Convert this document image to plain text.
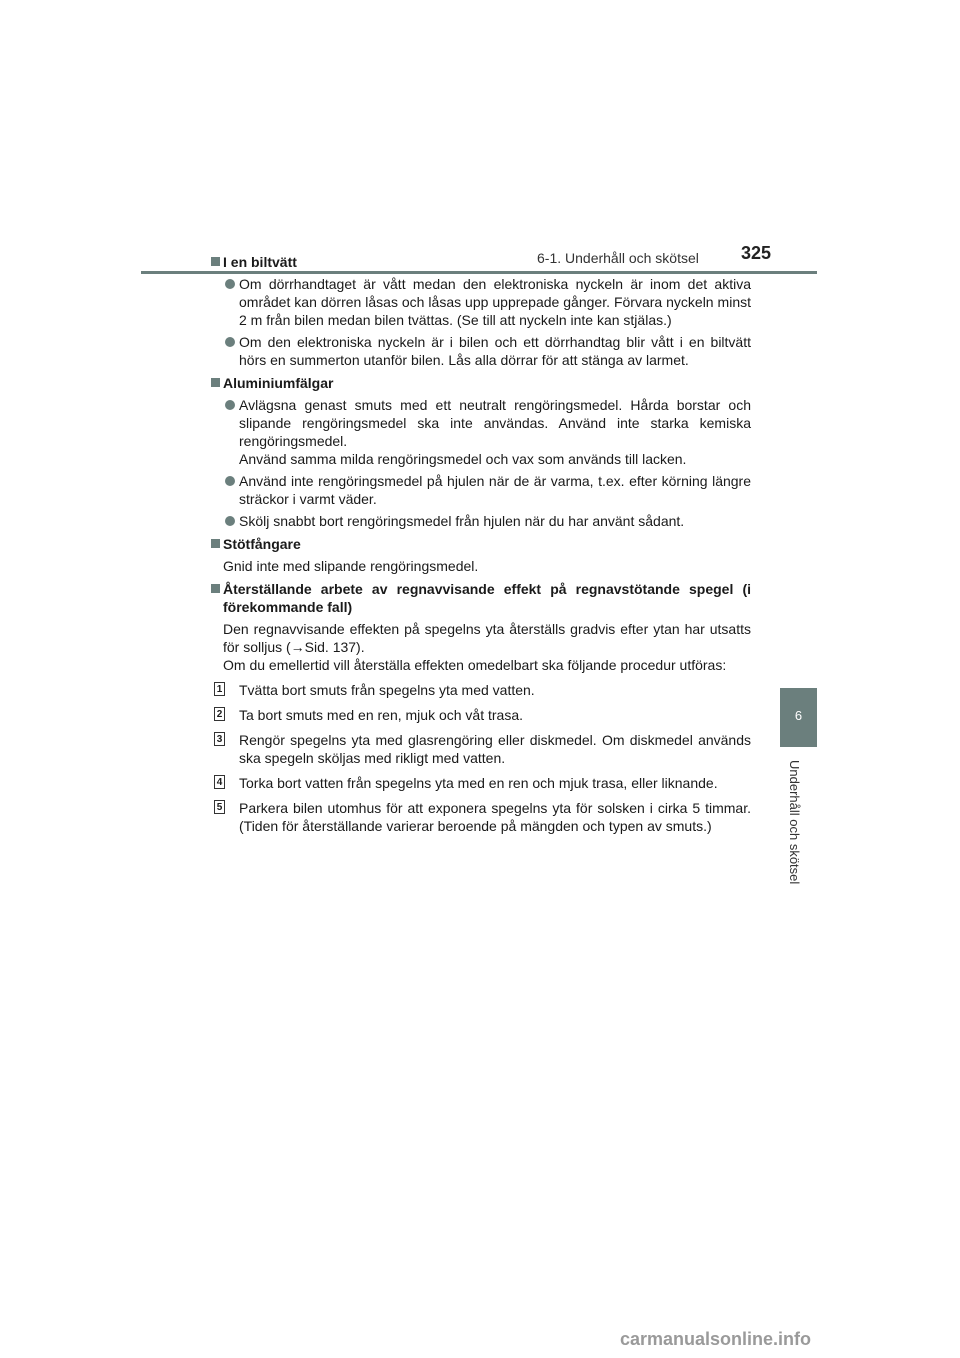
6-1. Underhåll och skötsel 325
6
Underhåll och skötsel
I en biltvätt

Om dörrhandtaget är vått medan den elektroniska nyckeln är inom det aktiva området kan dörren låsas och låsas upp upprepade gånger. Förvara nyckeln minst 2 m från bilen medan bilen tvättas. (Se till att nyckeln inte kan stjälas.)

Om den elektroniska nyckeln är i bilen och ett dörrhandtag blir vått i en biltvätt hörs en summerton utanför bilen. Lås alla dörrar för att stänga av larmet.

Aluminiumfälgar

Avlägsna genast smuts med ett neutralt rengöringsmedel. Hårda borstar och slipande rengöringsmedel ska inte användas. Använd inte starka kemiska rengöringsmedel.

Använd samma milda rengöringsmedel och vax som används till lacken.

Använd inte rengöringsmedel på hjulen när de är varma, t.ex. efter körning längre sträckor i varmt väder.

Skölj snabbt bort rengöringsmedel från hjulen när du har använt sådant.

Stötfångare

Gnid inte med slipande rengöringsmedel.

Återställande arbete av regnavvisande effekt på regnavstötande spegel (i förekommande fall)

Den regnavvisande effekten på spegelns yta återställs gradvis efter ytan har utsatts för solljus (→Sid. 137).

Om du emellertid vill återställa effekten omedelbart ska följande procedur utföras:

1 Tvätta bort smuts från spegelns yta med vatten.
2 Ta bort smuts med en ren, mjuk och våt trasa.
3 Rengör spegelns yta med glasrengöring eller diskmedel. Om diskmedel används ska spegeln sköljas med rikligt med vatten.
4 Torka bort vatten från spegelns yta med en ren och mjuk trasa, eller liknande.
5 Parkera bilen utomhus för att exponera spegelns yta för solsken i cirka 5 timmar. (Tiden för återställande varierar beroende på mängden och typen av smuts.)
carmanualsonline.info
